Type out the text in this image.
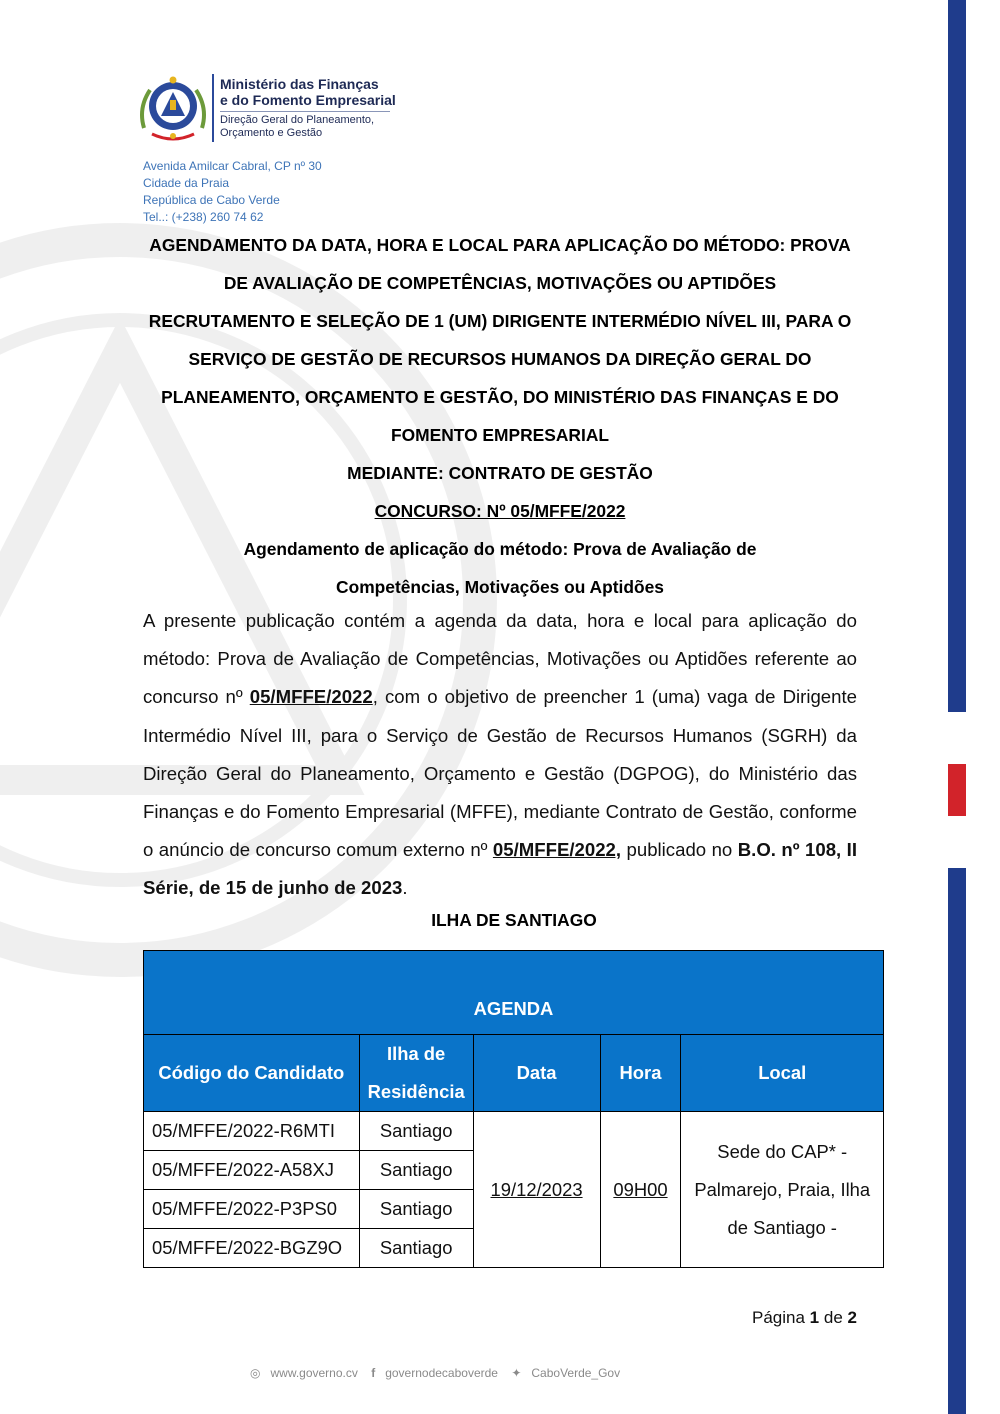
Ministério das Finanças
e do Fomento Empresarial
Direção Geral do Planeamento,
Orçamento e Gestão
Avenida Amilcar Cabral, CP nº 30
Cidade da Praia
República de Cabo Verde
Tel..: (+238) 260 74 62
AGENDAMENTO DA DATA, HORA E LOCAL PARA APLICAÇÃO DO MÉTODO: PROVA
DE AVALIAÇÃO DE COMPETÊNCIAS, MOTIVAÇÕES OU APTIDÕES
RECRUTAMENTO E SELEÇÃO DE 1 (UM) DIRIGENTE INTERMÉDIO NÍVEL III, PARA O
SERVIÇO DE GESTÃO DE RECURSOS HUMANOS DA DIREÇÃO GERAL DO
PLANEAMENTO, ORÇAMENTO E GESTÃO, DO MINISTÉRIO DAS FINANÇAS E DO
FOMENTO EMPRESARIAL
MEDIANTE: CONTRATO DE GESTÃO
CONCURSO: Nº 05/MFFE/2022
Agendamento de aplicação do método: Prova de Avaliação de
Competências, Motivações ou Aptidões
A presente publicação contém a agenda da data, hora e local para aplicação do método: Prova de Avaliação de Competências, Motivações ou Aptidões referente ao concurso nº 05/MFFE/2022, com o objetivo de preencher 1 (uma) vaga de Dirigente Intermédio Nível III, para o Serviço de Gestão de Recursos Humanos (SGRH) da Direção Geral do Planeamento, Orçamento e Gestão (DGPOG), do Ministério das Finanças e do Fomento Empresarial (MFFE), mediante Contrato de Gestão, conforme o anúncio de concurso comum externo nº 05/MFFE/2022, publicado no B.O. nº 108, II Série, de 15 de junho de 2023.
ILHA DE SANTIAGO
AGENDA				
Código do Candidato	Ilha de Residência	Data	Hora	Local
05/MFFE/2022-R6MTI	Santiago	19/12/2023	09H00	Sede do CAP* - Palmarejo, Praia, Ilha de Santiago -
05/MFFE/2022-A58XJ	Santiago			
05/MFFE/2022-P3PS0	Santiago			
05/MFFE/2022-BGZ9O	Santiago			
Página 1 de 2
◎ www.governo.cv f governodecaboverde ✦ CaboVerde_Gov
